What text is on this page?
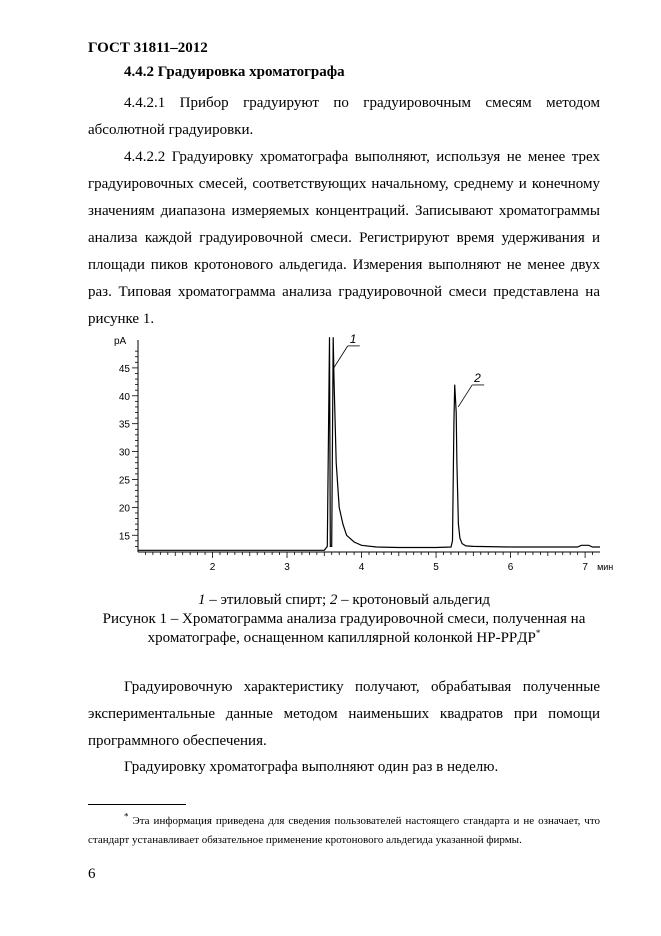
ГОСТ 31811–2012
4.4.2 Градуировка хроматографа

4.4.2.1 Прибор градуируют по градуировочным смесям методом абсолютной градуировки.

4.4.2.2 Градуировку хроматографа выполняют, используя не менее трех градуировочных смесей, соответствующих начальному, среднему и конечному значениям диапазона измеряемых концентраций. Записывают хроматограммы анализа каждой градуировочной смеси. Регистрируют время удерживания и площади пиков кротонового альдегида. Измерения выполняют не менее двух раз. Типовая хроматограмма анализа градуировочной смеси представлена на рисунке 1.

15
20
25
30
35
40
45
2	3	4	5	6	7
pA
мин
1
2
1 – этиловый спирт; 2 – кротоновый альдегид
Рисунок 1 – Хроматограмма анализа градуировочной смеси, полученная на хроматографе, оснащенном капиллярной колонкой HP-PPДP*

Градуировочную характеристику получают, обрабатывая полученные экспериментальные данные методом наименьших квадратов при помощи программного обеспечения.

Градуировку хроматографа выполняют один раз в неделю.

* Эта информация приведена для сведения пользователей настоящего стандарта и не означает, что стандарт устанавливает обязательное применение кротонового альдегида указанной фирмы.

6
